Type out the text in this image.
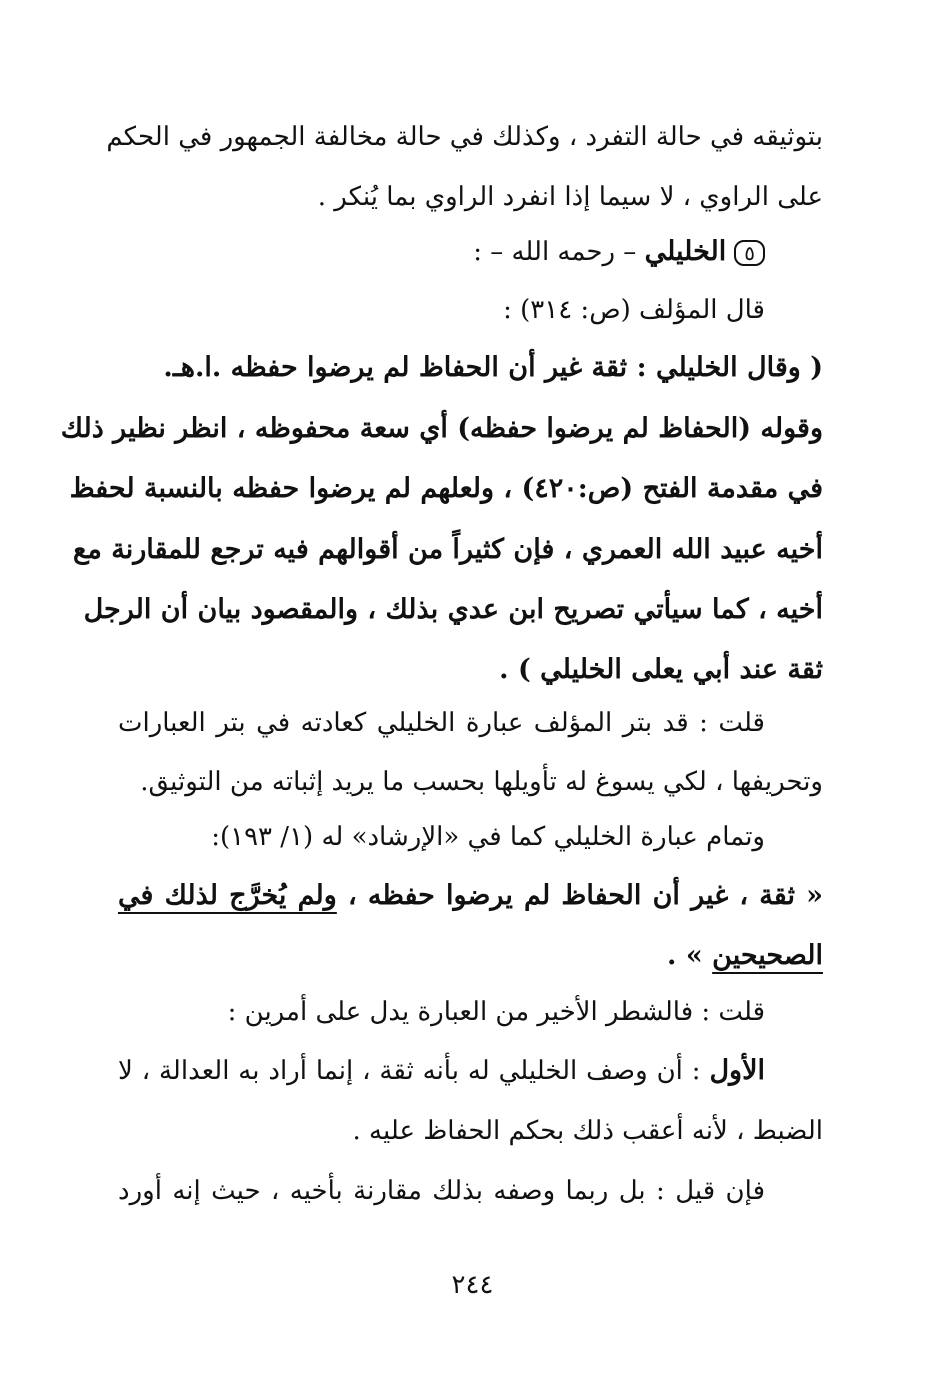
بتوثيقه في حالة التفرد ، وكذلك في حالة مخالفة الجمهور في الحكم
على الراوي ، لا سيما إذا انفرد الراوي بما يُنكر .
٥الخليلي – رحمه الله – :
قال المؤلف (ص: ٣١٤) :
( وقال الخليلي : ثقة غير أن الحفاظ لم يرضوا حفظه .ا.هـ.
وقوله (الحفاظ لم يرضوا حفظه) أي سعة محفوظه ، انظر نظير ذلك
في مقدمة الفتح (ص:٤٢٠) ، ولعلهم لم يرضوا حفظه بالنسبة لحفظ
أخيه عبيد الله العمري ، فإن كثيراً من أقوالهم فيه ترجع للمقارنة مع
أخيه ، كما سيأتي تصريح ابن عدي بذلك ، والمقصود بيان أن الرجل
ثقة عند أبي يعلى الخليلي ) .
قلت : قد بتر المؤلف عبارة الخليلي كعادته في بتر العبارات
وتحريفها ، لكي يسوغ له تأويلها بحسب ما يريد إثباته من التوثيق.
وتمام عبارة الخليلي كما في «الإرشاد» له (١/ ١٩٣):
« ثقة ، غير أن الحفاظ لم يرضوا حفظه ، ولم يُخرَّج لذلك في
الصحيحين » .
قلت : فالشطر الأخير من العبارة يدل على أمرين :
الأول : أن وصف الخليلي له بأنه ثقة ، إنما أراد به العدالة ، لا
الضبط ، لأنه أعقب ذلك بحكم الحفاظ عليه .
فإن قيل : بل ربما وصفه بذلك مقارنة بأخيه ، حيث إنه أورد
٢٤٤
